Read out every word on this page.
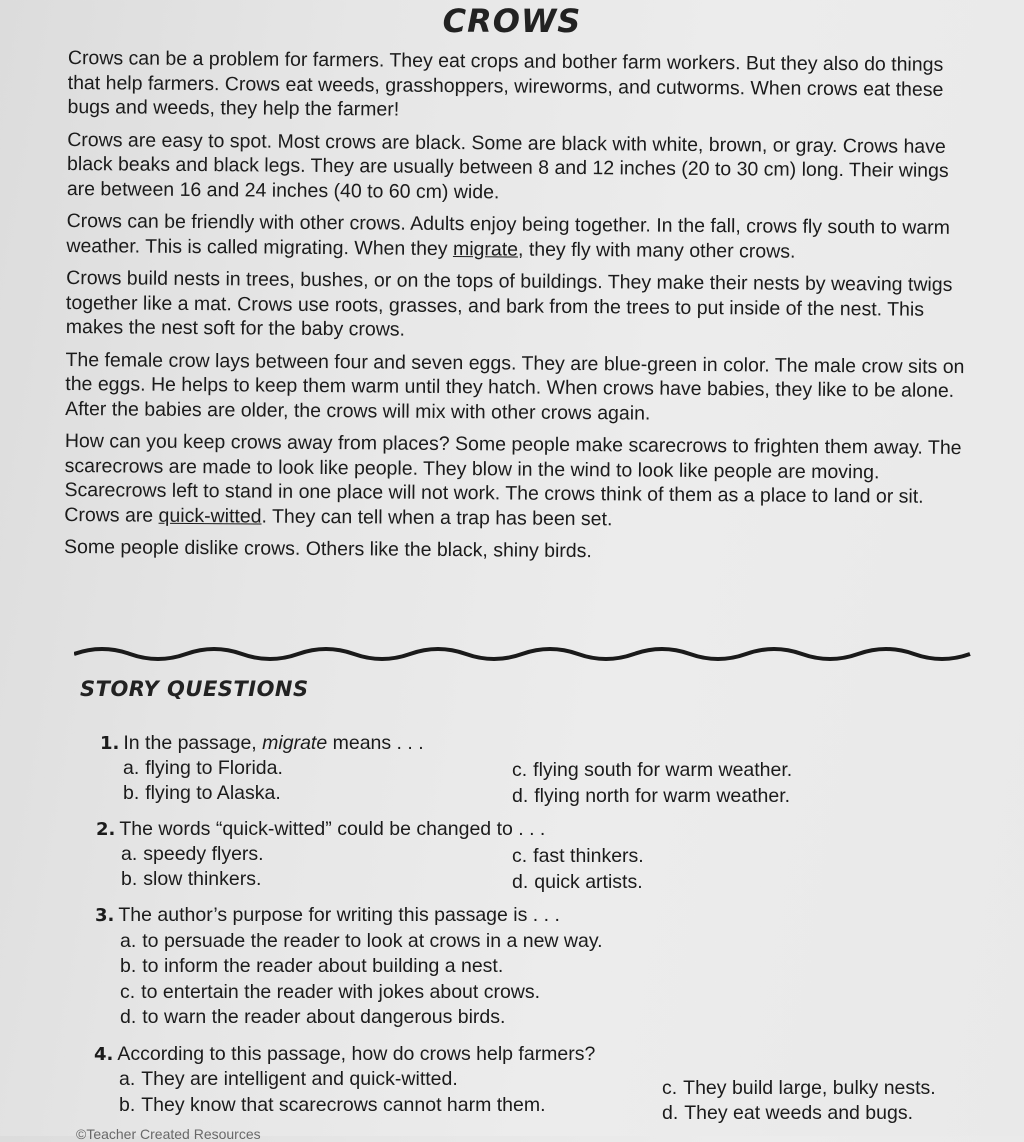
CROWS

Crows can be a problem for farmers. They eat crops and bother farm workers. But they also do things that help farmers. Crows eat weeds, grasshoppers, wireworms, and cutworms. When crows eat these bugs and weeds, they help the farmer!

Crows are easy to spot. Most crows are black. Some are black with white, brown, or gray. Crows have black beaks and black legs. They are usually between 8 and 12 inches (20 to 30 cm) long. Their wings are between 16 and 24 inches (40 to 60 cm) wide.

Crows can be friendly with other crows. Adults enjoy being together. In the fall, crows fly south to warm weather. This is called migrating. When they migrate, they fly with many other crows.

Crows build nests in trees, bushes, or on the tops of buildings. They make their nests by weaving twigs together like a mat. Crows use roots, grasses, and bark from the trees to put inside of the nest. This makes the nest soft for the baby crows.

The female crow lays between four and seven eggs. They are blue-green in color. The male crow sits on the eggs. He helps to keep them warm until they hatch. When crows have babies, they like to be alone. After the babies are older, the crows will mix with other crows again.

How can you keep crows away from places? Some people make scarecrows to frighten them away. The scarecrows are made to look like people. They blow in the wind to look like people are moving. Scarecrows left to stand in one place will not work. The crows think of them as a place to land or sit. Crows are quick-witted. They can tell when a trap has been set.

Some people dislike crows. Others like the black, shiny birds.

STORY QUESTIONS
1. In the passage, migrate means . . .
a. flying to Florida.
b. flying to Alaska.
c. flying south for warm weather.
d. flying north for warm weather.
2. The words “quick-witted” could be changed to . . .
a. speedy flyers.
b. slow thinkers.
c. fast thinkers.
d. quick artists.
3. The author’s purpose for writing this passage is . . .
a. to persuade the reader to look at crows in a new way.
b. to inform the reader about building a nest.
c. to entertain the reader with jokes about crows.
d. to warn the reader about dangerous birds.
4. According to this passage, how do crows help farmers?
a. They are intelligent and quick-witted.
b. They know that scarecrows cannot harm them.
c. They build large, bulky nests.
d. They eat weeds and bugs.
©Teacher Created Resources
